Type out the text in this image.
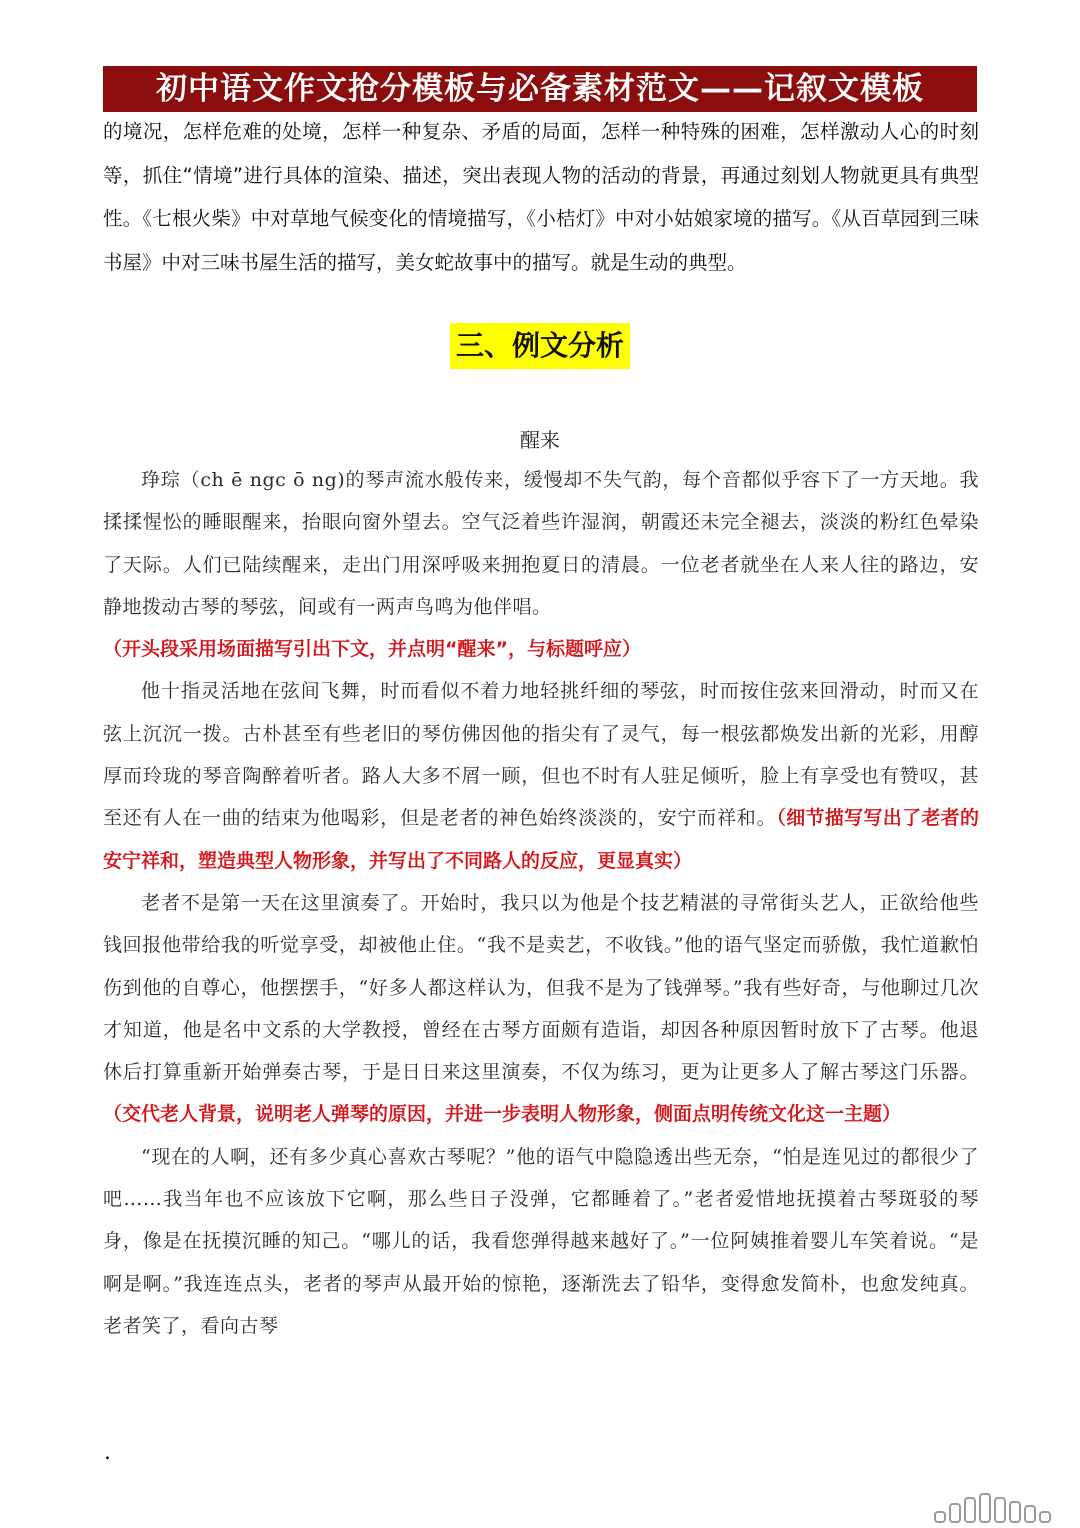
初中语文作文抢分模板与必备素材范文——记叙文模板

的境况，怎样危难的处境，怎样一种复杂、矛盾的局面，怎样一种特殊的困难，怎样激动人心的时刻等，抓住“情境”进行具体的渲染、描述，突出表现人物的活动的背景，再通过刻划人物就更具有典型性。《七根火柴》中对草地气候变化的情境描写，《小桔灯》中对小姑娘家境的描写。《从百草园到三味书屋》中对三味书屋生活的描写，美女蛇故事中的描写。就是生动的典型。

三、例文分析
醒来

琤琮（ch ē ngc ō ng)的琴声流水般传来，缓慢却不失气韵，每个音都似乎容下了一方天地。我揉揉惺忪的睡眼醒来，抬眼向窗外望去。空气泛着些许湿润，朝霞还未完全褪去，淡淡的粉红色晕染了天际。人们已陆续醒来，走出门用深呼吸来拥抱夏日的清晨。一位老者就坐在人来人往的路边，安静地拨动古琴的琴弦，间或有一两声鸟鸣为他伴唱。

（开头段采用场面描写引出下文，并点明“醒来”，与标题呼应）

他十指灵活地在弦间飞舞，时而看似不着力地轻挑纤细的琴弦，时而按住弦来回滑动，时而又在弦上沉沉一拨。古朴甚至有些老旧的琴仿佛因他的指尖有了灵气，每一根弦都焕发出新的光彩，用醇厚而玲珑的琴音陶醉着听者。路人大多不屑一顾，但也不时有人驻足倾听，脸上有享受也有赞叹，甚至还有人在一曲的结束为他喝彩，但是老者的神色始终淡淡的，安宁而祥和。（细节描写写出了老者的安宁祥和，塑造典型人物形象，并写出了不同路人的反应，更显真实）

老者不是第一天在这里演奏了。开始时，我只以为他是个技艺精湛的寻常街头艺人，正欲给他些钱回报他带给我的听觉享受，却被他止住。“我不是卖艺，不收钱。”他的语气坚定而骄傲，我忙道歉怕伤到他的自尊心，他摆摆手，“好多人都这样认为，但我不是为了钱弹琴。”我有些好奇，与他聊过几次才知道，他是名中文系的大学教授，曾经在古琴方面颇有造诣，却因各种原因暂时放下了古琴。他退休后打算重新开始弹奏古琴，于是日日来这里演奏，不仅为练习，更为让更多人了解古琴这门乐器。（交代老人背景，说明老人弹琴的原因，并进一步表明人物形象，侧面点明传统文化这一主题）

“现在的人啊，还有多少真心喜欢古琴呢？”他的语气中隐隐透出些无奈，“怕是连见过的都很少了吧……我当年也不应该放下它啊，那么些日子没弹，它都睡着了。”老者爱惜地抚摸着古琴斑驳的琴身，像是在抚摸沉睡的知己。“哪儿的话，我看您弹得越来越好了。”一位阿姨推着婴儿车笑着说。“是啊是啊。”我连连点头，老者的琴声从最开始的惊艳，逐渐洗去了铅华，变得愈发简朴，也愈发纯真。老者笑了，看向古琴

.
